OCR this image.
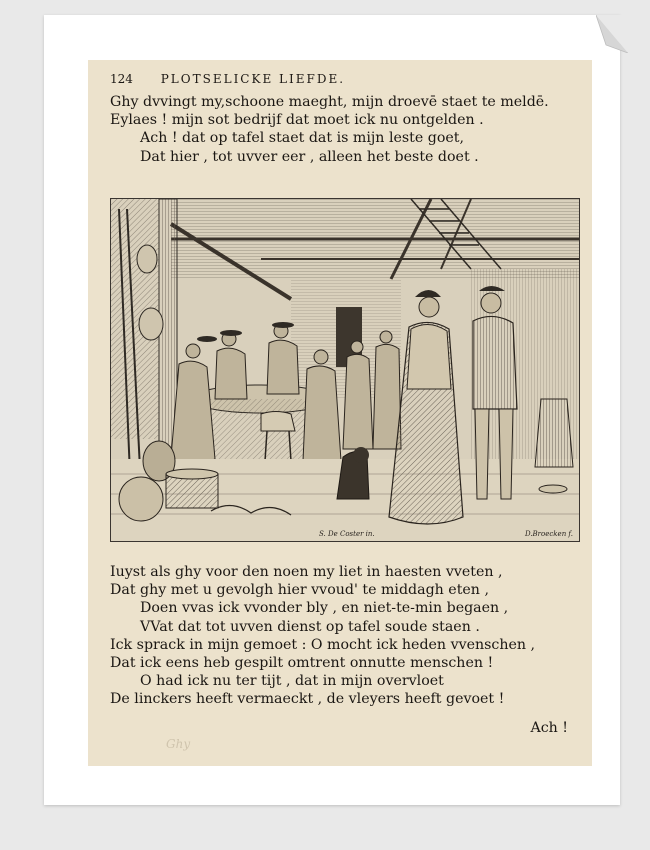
124 PLOTSELICKE LIEFDE.
Ghy dvvingt my,schoone maeght, mijn droevē staet te meldē.
Eylaes ! mijn sot bedrijf dat moet ick nu ontgelden .
Ach ! dat op tafel staet dat is mijn leste goet,
Dat hier , tot uvver eer , alleen het beste doet .
S. De Coster in.	D.Broecken f.
Iuyst als ghy voor den noen my liet in haesten vveten ,
Dat ghy met u gevolgh hier vvoud' te middagh eten ,
Doen vvas ick vvonder bly , en niet-te-min begaen ,
VVat dat tot uvven dienst op tafel soude staen .
Ick sprack in mijn gemoet : O mocht ick heden vvenschen ,
Dat ick eens heb gespilt omtrent onnutte menschen !
O had ick nu ter tijt , dat in mijn overvloet
De linckers heeft vermaeckt , de vleyers heeft gevoet !
Ach !
Ghy
